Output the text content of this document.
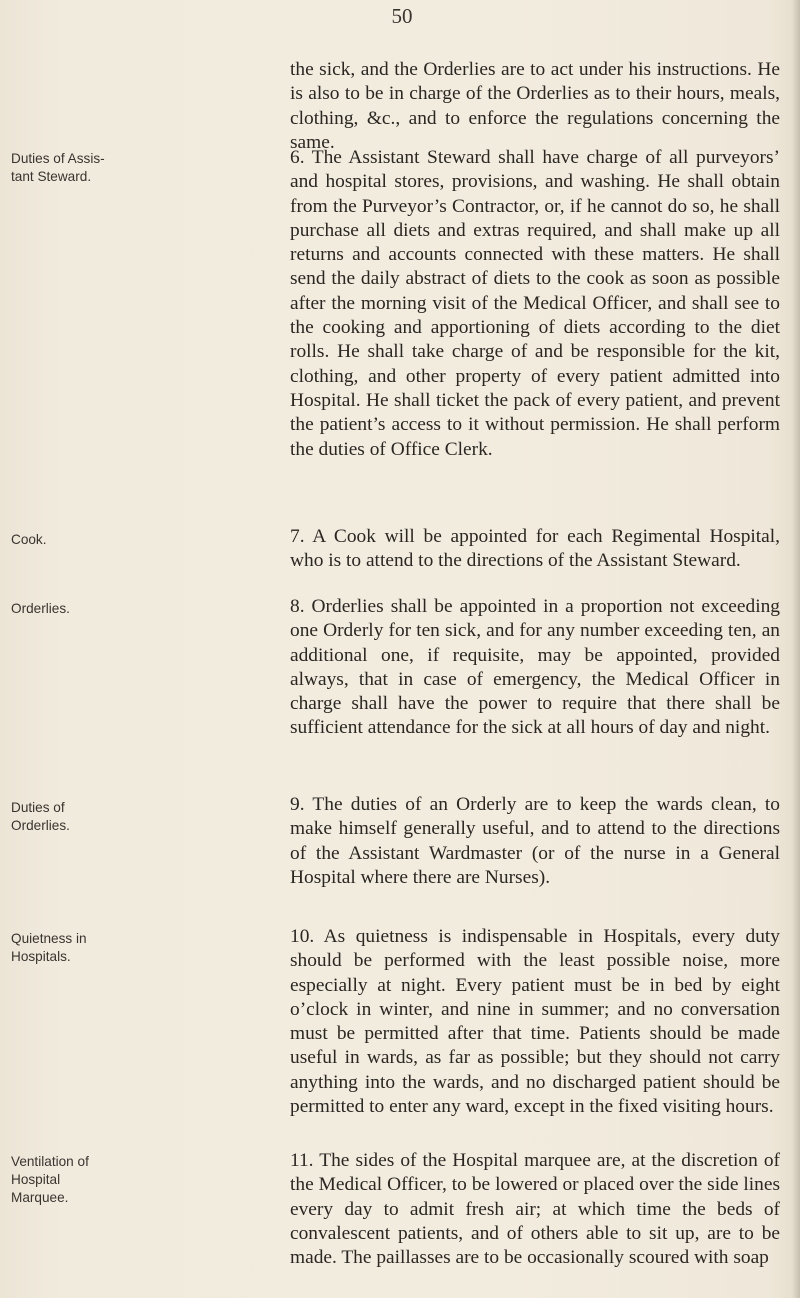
50

the sick, and the Orderlies are to act under his instructions. He is also to be in charge of the Orderlies as to their hours, meals, clothing, &c., and to enforce the regulations concerning the same.

Duties of Assis-
tant Steward.

6. The Assistant Steward shall have charge of all purveyors’ and hospital stores, provisions, and washing. He shall obtain from the Purveyor’s Contractor, or, if he cannot do so, he shall purchase all diets and extras required, and shall make up all returns and accounts connected with these matters. He shall send the daily abstract of diets to the cook as soon as possible after the morning visit of the Medical Officer, and shall see to the cooking and apportioning of diets according to the diet rolls. He shall take charge of and be responsible for the kit, clothing, and other property of every patient admitted into Hospital. He shall ticket the pack of every patient, and prevent the patient’s access to it without permission. He shall perform the duties of Office Clerk.

Cook.	7. A Cook will be appointed for each Regimental Hospital, who is to attend to the directions of the Assistant Steward.

Orderlies.	8. Orderlies shall be appointed in a proportion not exceeding one Orderly for ten sick, and for any number exceeding ten, an additional one, if requisite, may be appointed, provided always, that in case of emergency, the Medical Officer in charge shall have the power to require that there shall be sufficient attendance for the sick at all hours of day and night.

Duties of
Orderlies.

9. The duties of an Orderly are to keep the wards clean, to make himself generally useful, and to attend to the directions of the Assistant Wardmaster (or of the nurse in a General Hospital where there are Nurses).

Quietness in
Hospitals.

10. As quietness is indispensable in Hospitals, every duty should be performed with the least possible noise, more especially at night. Every patient must be in bed by eight o’clock in winter, and nine in summer; and no conversation must be permitted after that time. Patients should be made useful in wards, as far as possible; but they should not carry anything into the wards, and no discharged patient should be permitted to enter any ward, except in the fixed visiting hours.

Ventilation of
Hospital
Marquee.

11. The sides of the Hospital marquee are, at the discretion of the Medical Officer, to be lowered or placed over the side lines every day to admit fresh air; at which time the beds of convalescent patients, and of others able to sit up, are to be made. The paillasses are to be occasionally scoured with soap
